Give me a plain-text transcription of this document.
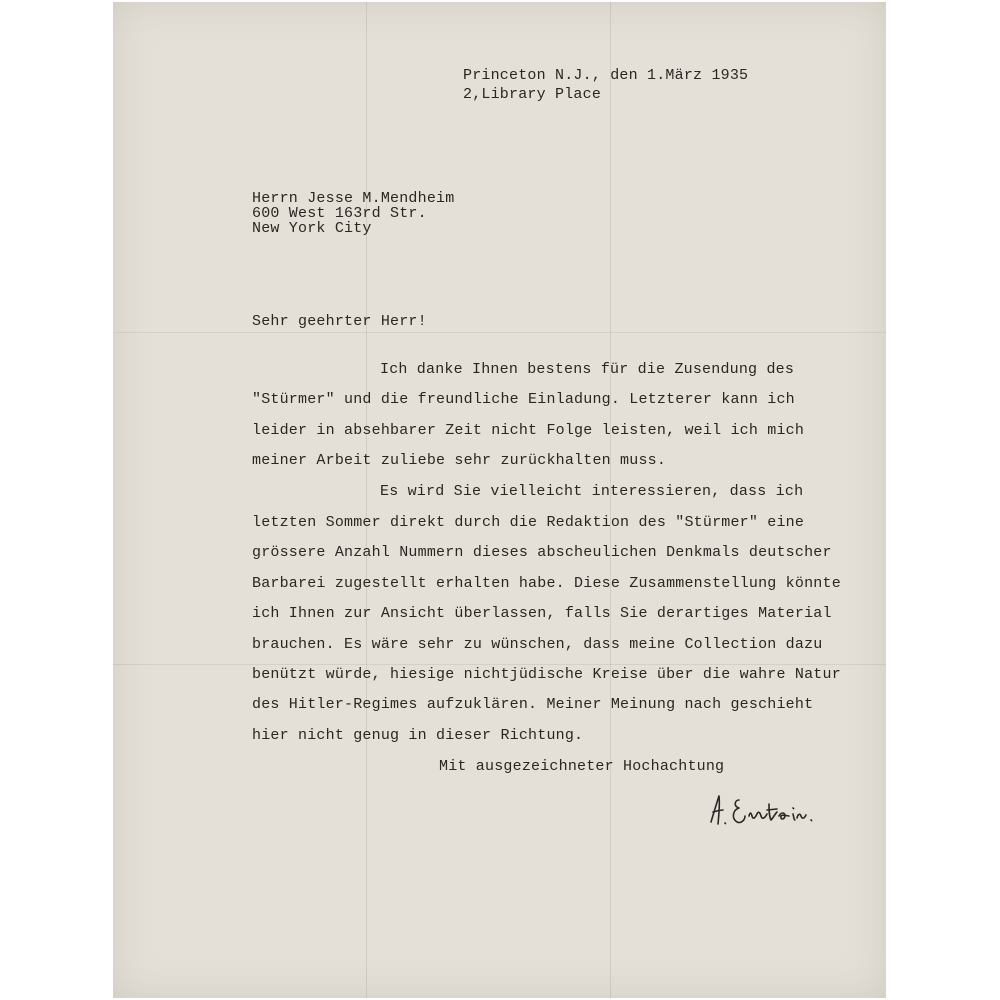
Princeton N.J., den 1.März 1935
2,Library Place
Herrn Jesse M.Mendheim
600 West 163rd Str.
New York City
Sehr geehrter Herr!
Ich danke Ihnen bestens für die Zusendung des
"Stürmer" und die freundliche Einladung. Letzterer kann ich
leider in absehbarer Zeit nicht Folge leisten, weil ich mich
meiner Arbeit zuliebe sehr zurückhalten muss.
Es wird Sie vielleicht interessieren, dass ich
letzten Sommer direkt durch die Redaktion des "Stürmer" eine
grössere Anzahl Nummern dieses abscheulichen Denkmals deutscher
Barbarei zugestellt erhalten habe. Diese Zusammenstellung könnte
ich Ihnen zur Ansicht überlassen, falls Sie derartiges Material
brauchen. Es wäre sehr zu wünschen, dass meine Collection dazu
benützt würde, hiesige nichtjüdische Kreise über die wahre Natur
des Hitler-Regimes aufzuklären. Meiner Meinung nach geschieht
hier nicht genug in dieser Richtung.
Mit ausgezeichneter Hochachtung
